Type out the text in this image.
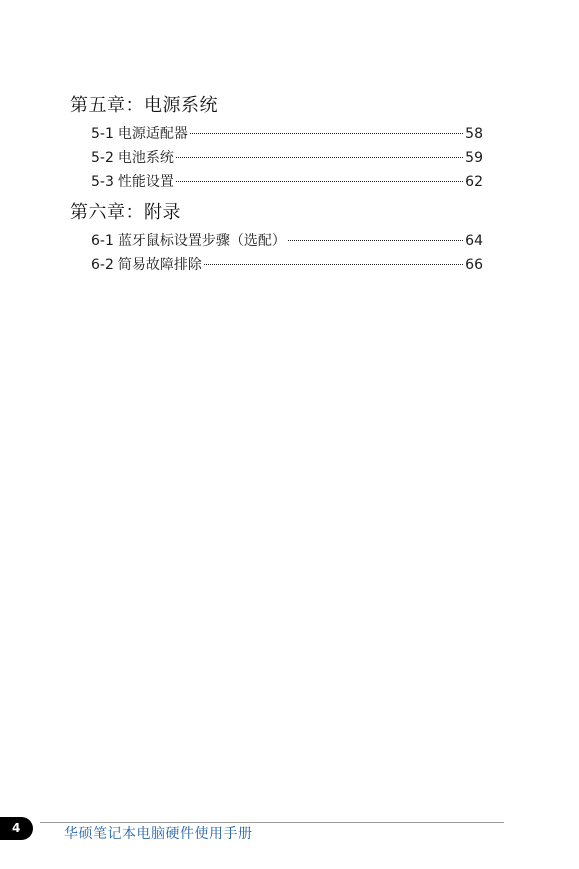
第五章：电源系统
5-1 电源适配器	58
5-2 电池系统	59
5-3 性能设置	62
第六章：附录
6-1 蓝牙鼠标设置步骤（选配）	64
6-2 简易故障排除	66
4	华硕笔记本电脑硬件使用手册
